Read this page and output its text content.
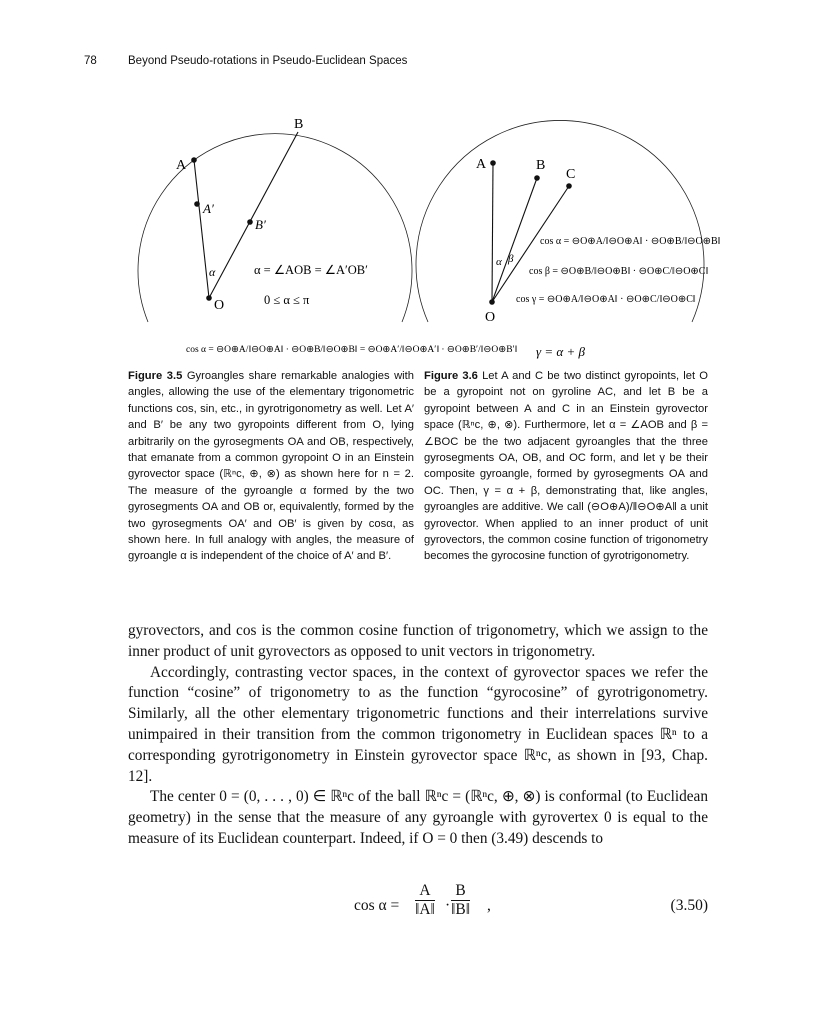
78	Beyond Pseudo-rotations in Pseudo-Euclidean Spaces
A
A′
B
B′
O
α	α = ∠AOB = ∠A′OB′
0 ≤ α ≤ π
cos α = ⊖O⊕A/‖⊖O⊕A‖ · ⊖O⊕B/‖⊖O⊕B‖ = ⊖O⊕A′/‖⊖O⊕A′‖ · ⊖O⊕B′/‖⊖O⊕B′‖
A	B
C
O
α β
cos α = ⊖O⊕A/‖⊖O⊕A‖ · ⊖O⊕B/‖⊖O⊕B‖
cos β = ⊖O⊕B/‖⊖O⊕B‖ · ⊖O⊕C/‖⊖O⊕C‖
cos γ = ⊖O⊕A/‖⊖O⊕A‖ · ⊖O⊕C/‖⊖O⊕C‖
γ = α + β
Figure 3.5 Gyroangles share remarkable analogies with angles, allowing the use of the elementary trigonometric functions cos, sin, etc., in gyrotrigonometry as well. Let A′ and B′ be any two gyropoints different from O, lying arbitrarily on the gyrosegments OA and OB, respectively, that emanate from a common gyropoint O in an Einstein gyrovector space (ℝⁿc, ⊕, ⊗) as shown here for n = 2. The measure of the gyroangle α formed by the two gyrosegments OA and OB or, equivalently, formed by the two gyrosegments OA′ and OB′ is given by cosα, as shown here. In full analogy with angles, the measure of gyroangle α is independent of the choice of A′ and B′.
Figure 3.6 Let A and C be two distinct gyropoints, let O be a gyropoint not on gyroline AC, and let B be a gyropoint between A and C in an Einstein gyrovector space (ℝⁿc, ⊕, ⊗). Furthermore, let α = ∠AOB and β = ∠BOC be the two adjacent gyroangles that the three gyrosegments OA, OB, and OC form, and let γ be their composite gyroangle, formed by gyrosegments OA and OC. Then, γ = α + β, demonstrating that, like angles, gyroangles are additive. We call (⊖O⊕A)/‖⊖O⊕A‖ a unit gyrovector. When applied to an inner product of unit gyrovectors, the common cosine function of trigonometry becomes the gyrocosine function of gyrotrigonometry.

gyrovectors, and cos is the common cosine function of trigonometry, which we assign to the inner product of unit gyrovectors as opposed to unit vectors in trigonometry.

Accordingly, contrasting vector spaces, in the context of gyrovector spaces we refer the function “cosine” of trigonometry to as the function “gyrocosine” of gyrotrigonometry. Similarly, all the other elementary trigonometric functions and their interrelations survive unimpaired in their transition from the common trigonometry in Euclidean spaces ℝⁿ to a corresponding gyrotrigonometry in Einstein gyrovector space ℝⁿc, as shown in [93, Chap. 12].

The center 0 = (0, . . . , 0) ∈ ℝⁿc of the ball ℝⁿc = (ℝⁿc, ⊕, ⊗) is conformal (to Euclidean geometry) in the sense that the measure of any gyroangle with gyrovertex 0 is equal to the measure of its Euclidean counterpart. Indeed, if O = 0 then (3.49) descends to

$\cos \alpha = \frac{A}{‖A‖} \cdot \frac{B}{‖B‖}$ ,	(3.50)
